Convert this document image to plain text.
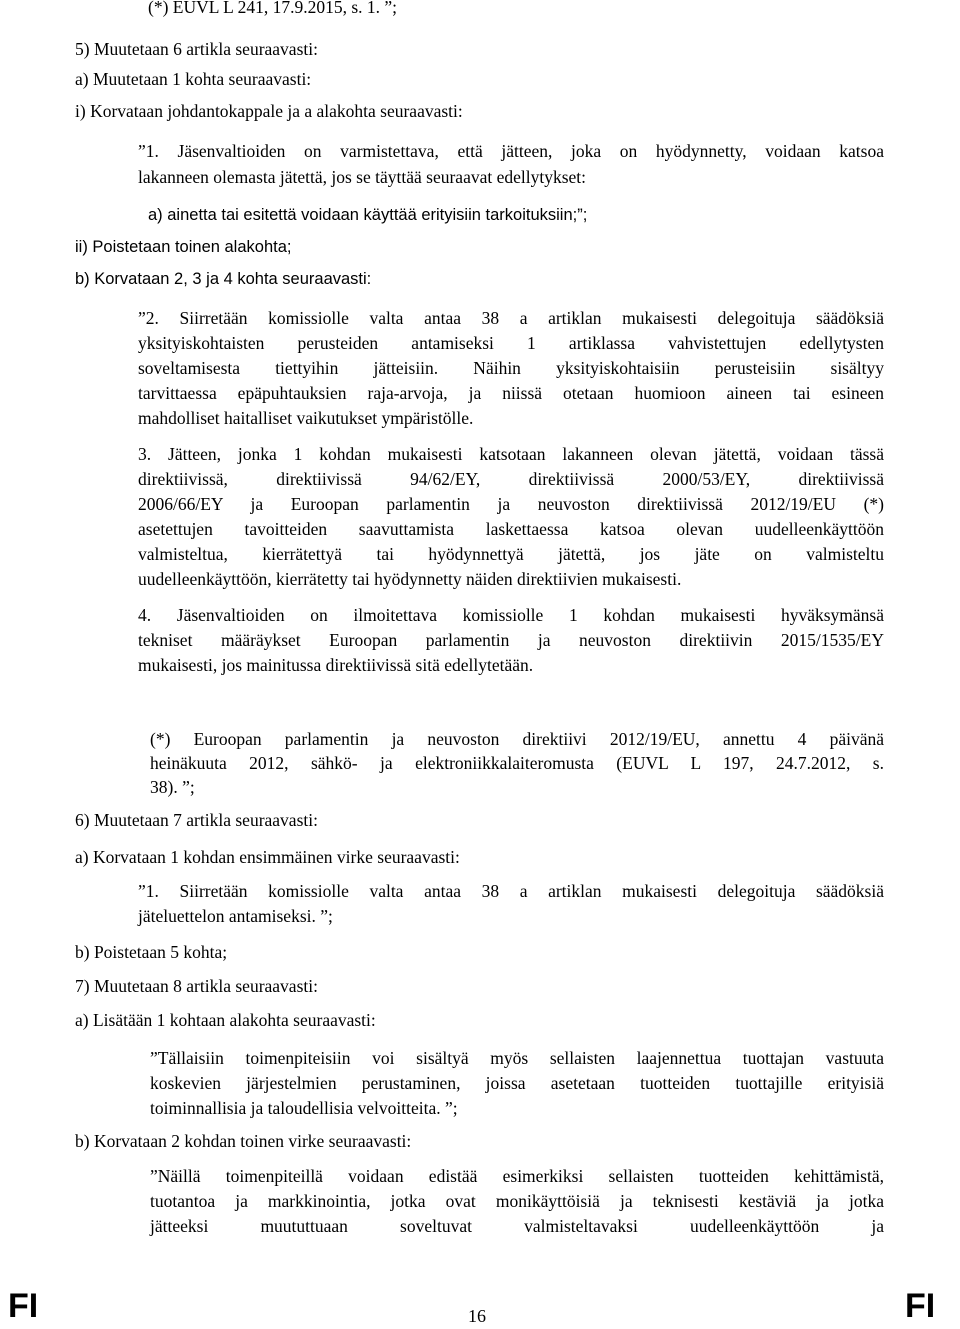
(*) EUVL L 241, 17.9.2015, s. 1. ”;
5) Muutetaan 6 artikla seuraavasti:
a) Muutetaan 1 kohta seuraavasti:
i) Korvataan johdantokappale ja a alakohta seuraavasti:
”1. Jäsenvaltioiden on varmistettava, että jätteen, joka on hyödynnetty, voidaan katsoa
lakanneen olemasta jätettä, jos se täyttää seuraavat edellytykset:
a) ainetta tai esitettä voidaan käyttää erityisiin tarkoituksiin;”;
ii) Poistetaan toinen alakohta;
b) Korvataan 2, 3 ja 4 kohta seuraavasti:
”2. Siirretään komissiolle valta antaa 38 a artiklan mukaisesti delegoituja säädöksiä
yksityiskohtaisten perusteiden antamiseksi 1 artiklassa vahvistettujen edellytysten
soveltamisesta tiettyihin jätteisiin. Näihin yksityiskohtaisiin perusteisiin sisältyy
tarvittaessa epäpuhtauksien raja-arvoja, ja niissä otetaan huomioon aineen tai esineen
mahdolliset haitalliset vaikutukset ympäristölle.
3. Jätteen, jonka 1 kohdan mukaisesti katsotaan lakanneen olevan jätettä, voidaan tässä
direktiivissä, direktiivissä 94/62/EY, direktiivissä 2000/53/EY, direktiivissä
2006/66/EY ja Euroopan parlamentin ja neuvoston direktiivissä 2012/19/EU (*)
asetettujen tavoitteiden saavuttamista laskettaessa katsoa olevan uudelleenkäyttöön
valmisteltua, kierrätettyä tai hyödynnettyä jätettä, jos jäte on valmisteltu
uudelleenkäyttöön, kierrätetty tai hyödynnetty näiden direktiivien mukaisesti.
4. Jäsenvaltioiden on ilmoitettava komissiolle 1 kohdan mukaisesti hyväksymänsä
tekniset määräykset Euroopan parlamentin ja neuvoston direktiivin 2015/1535/EY
mukaisesti, jos mainitussa direktiivissä sitä edellytetään.
(*) Euroopan parlamentin ja neuvoston direktiivi 2012/19/EU, annettu 4 päivänä
heinäkuuta 2012, sähkö- ja elektroniikkalaiteromusta (EUVL L 197, 24.7.2012, s.
38). ”;
6) Muutetaan 7 artikla seuraavasti:
a) Korvataan 1 kohdan ensimmäinen virke seuraavasti:
”1. Siirretään komissiolle valta antaa 38 a artiklan mukaisesti delegoituja säädöksiä
jäteluettelon antamiseksi. ”;
b) Poistetaan 5 kohta;
7) Muutetaan 8 artikla seuraavasti:
a) Lisätään 1 kohtaan alakohta seuraavasti:
”Tällaisiin toimenpiteisiin voi sisältyä myös sellaisten laajennettua tuottajan vastuuta
koskevien järjestelmien perustaminen, joissa asetetaan tuotteiden tuottajille erityisiä
toiminnallisia ja taloudellisia velvoitteita. ”;
b) Korvataan 2 kohdan toinen virke seuraavasti:
”Näillä toimenpiteillä voidaan edistää esimerkiksi sellaisten tuotteiden kehittämistä,
tuotantoa ja markkinointia, jotka ovat monikäyttöisiä ja teknisesti kestäviä ja jotka
jätteeksi muututtuaan soveltuvat valmisteltavaksi uudelleenkäyttöön ja
FI	16	FI
